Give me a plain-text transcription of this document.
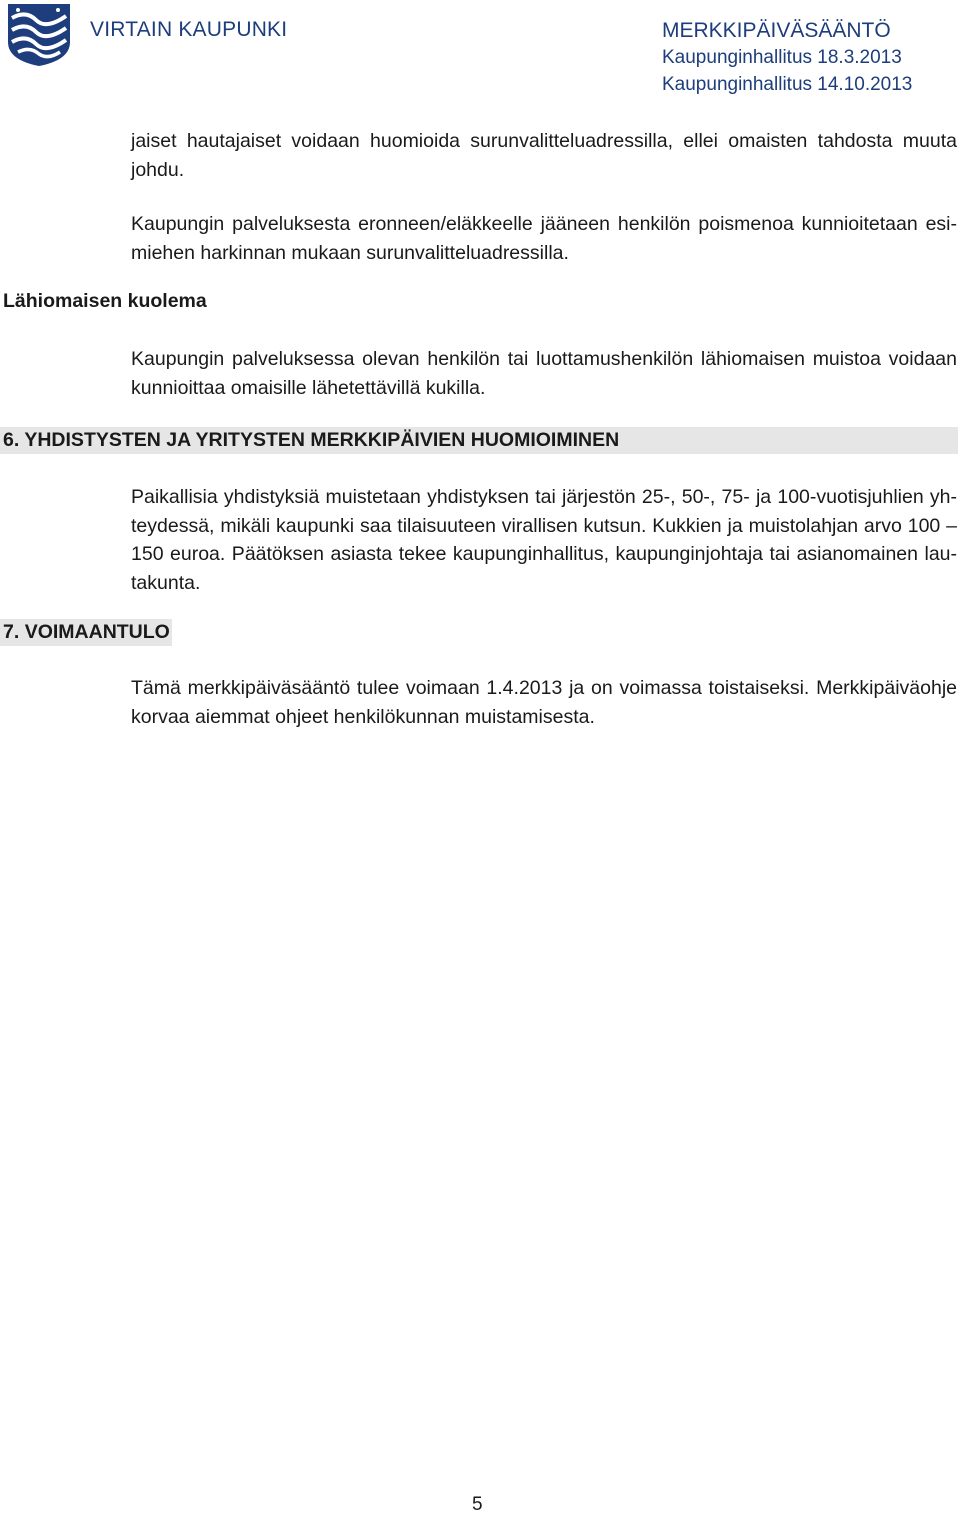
VIRTAIN KAUPUNKI	MERKKIPÄIVÄSÄÄNTÖ
Kaupunginhallitus 18.3.2013
Kaupunginhallitus 14.10.2013
jaiset hautajaiset voidaan huomioida surunvalitteluadressilla, ellei omaisten tahdosta muuta
johdu.
Kaupungin palveluksesta eronneen/eläkkeelle jääneen henkilön poismenoa kunnioitetaan esi-
miehen harkinnan mukaan surunvalitteluadressilla.
Lähiomaisen kuolema
Kaupungin palveluksessa olevan henkilön tai luottamushenkilön lähiomaisen muistoa voidaan
kunnioittaa omaisille lähetettävillä kukilla.
6. YHDISTYSTEN JA YRITYSTEN MERKKIPÄIVIEN HUOMIOIMINEN
Paikallisia yhdistyksiä muistetaan yhdistyksen tai järjestön 25-, 50-, 75- ja 100-vuotisjuhlien yh-
teydessä, mikäli kaupunki saa tilaisuuteen virallisen kutsun. Kukkien ja muistolahjan arvo 100 –
150 euroa. Päätöksen asiasta tekee kaupunginhallitus, kaupunginjohtaja tai asianomainen lau-
takunta.
7. VOIMAANTULO
Tämä merkkipäiväsääntö tulee voimaan 1.4.2013 ja on voimassa toistaiseksi. Merkkipäiväohje
korvaa aiemmat ohjeet henkilökunnan muistamisesta.
5
